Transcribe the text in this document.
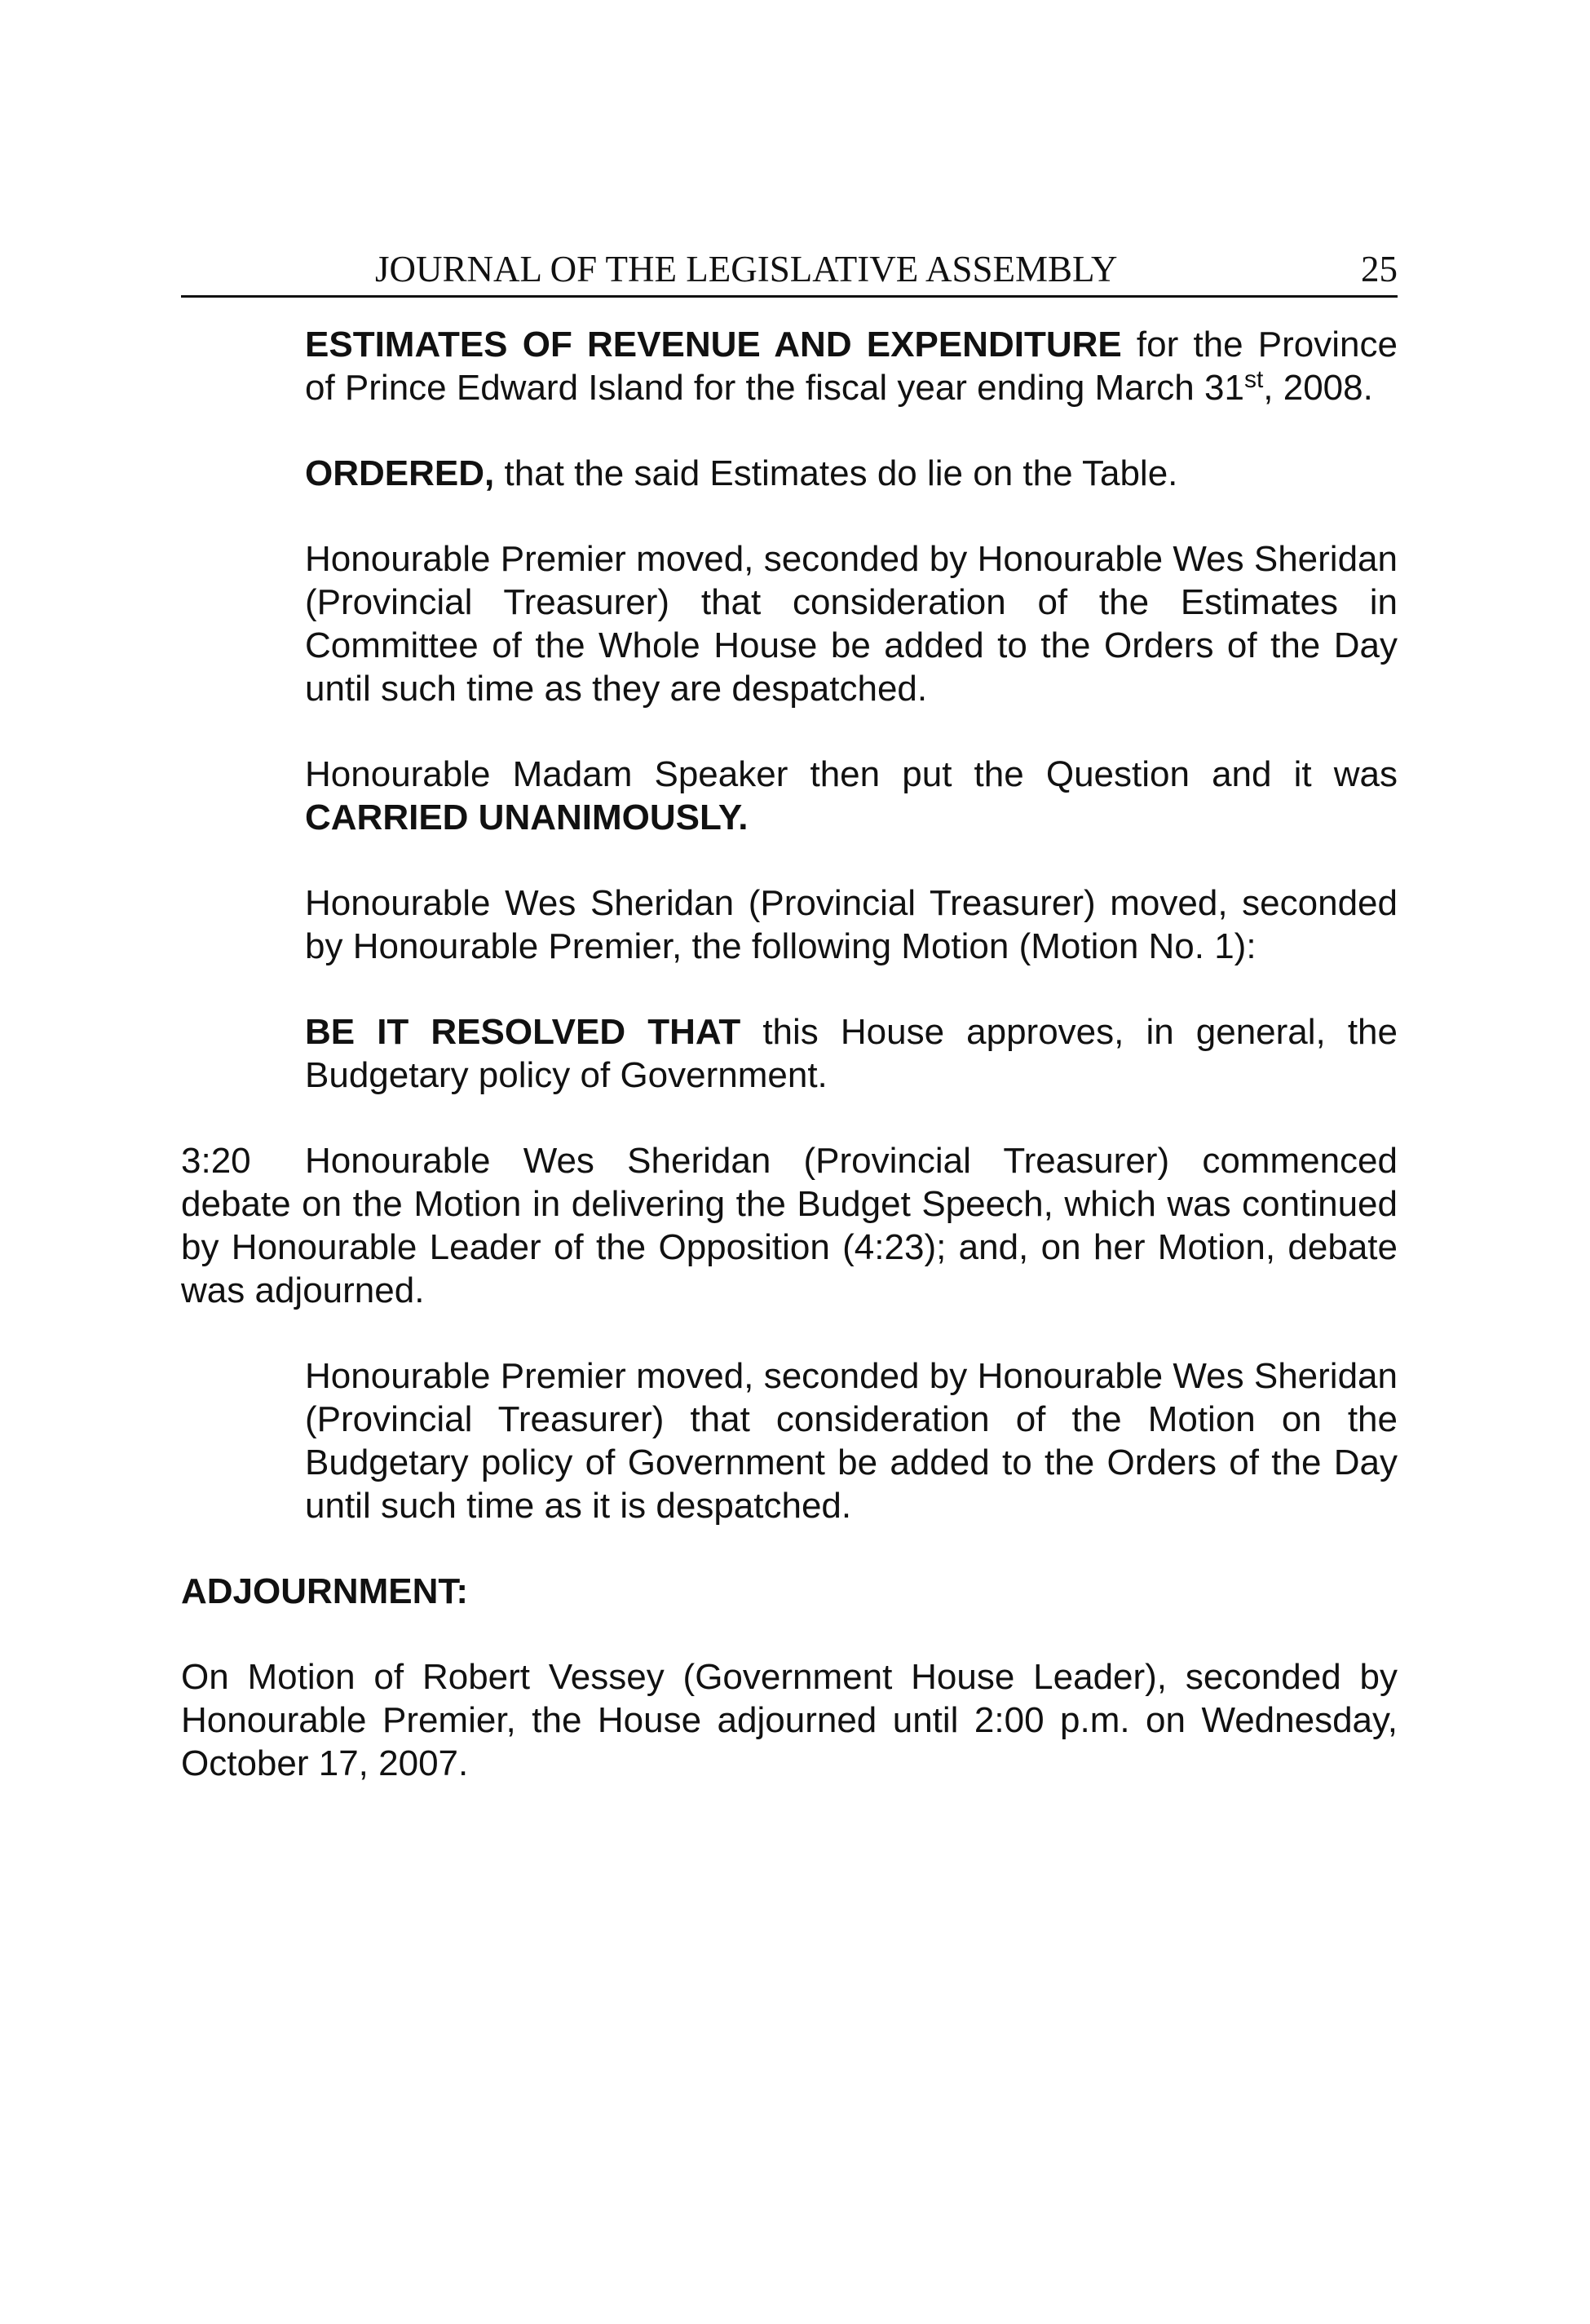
JOURNAL OF THE LEGISLATIVE ASSEMBLY	25

ESTIMATES OF REVENUE AND EXPENDITURE for the Province of Prince Edward Island for the fiscal year ending March 31st, 2008.

ORDERED, that the said Estimates do lie on the Table.

Honourable Premier moved, seconded by Honourable Wes Sheridan (Provincial Treasurer) that consideration of the Estimates in Committee of the Whole House be added to the Orders of the Day until such time as they are despatched.

Honourable Madam Speaker then put the Question and it was CARRIED UNANIMOUSLY.

Honourable Wes Sheridan (Provincial Treasurer) moved, seconded by Honourable Premier, the following Motion (Motion No. 1):

BE IT RESOLVED THAT this House approves, in general, the Budgetary policy of Government.

3:20 Honourable Wes Sheridan (Provincial Treasurer) commenced debate on the Motion in delivering the Budget Speech, which was continued by Honourable Leader of the Opposition (4:23); and, on her Motion, debate was adjourned.

Honourable Premier moved, seconded by Honourable Wes Sheridan (Provincial Treasurer) that consideration of the Motion on the Budgetary policy of Government be added to the Orders of the Day until such time as it is despatched.

ADJOURNMENT:

On Motion of Robert Vessey (Government House Leader), seconded by Honourable Premier, the House adjourned until 2:00 p.m. on Wednesday, October 17, 2007.
